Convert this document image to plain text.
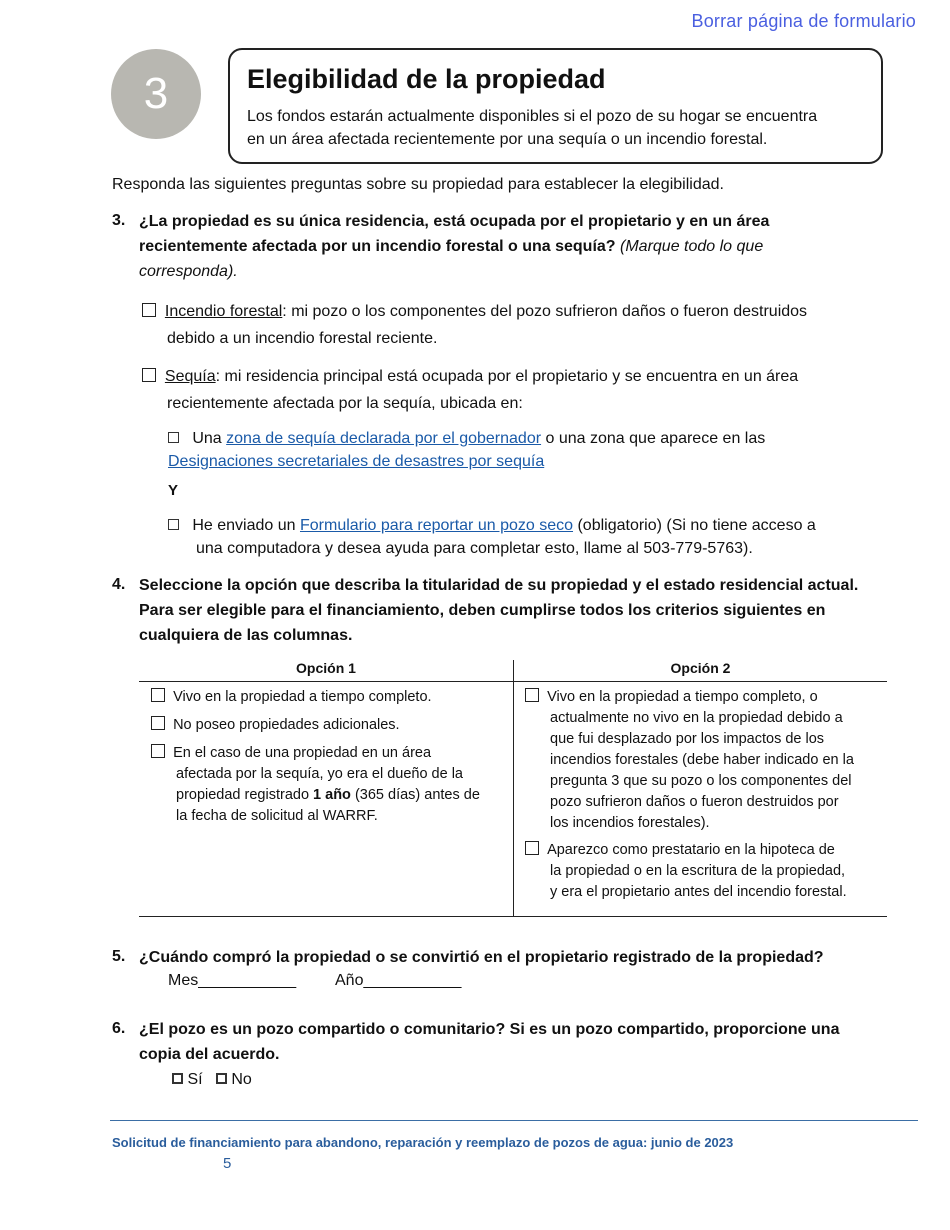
Borrar página de formulario
3	Elegibilidad de la propiedad
Los fondos estarán actualmente disponibles si el pozo de su hogar se encuentra
en un área afectada recientemente por una sequía o un incendio forestal.
Responda las siguientes preguntas sobre su propiedad para establecer la elegibilidad.
3. ¿La propiedad es su única residencia, está ocupada por el propietario y en un área
recientemente afectada por un incendio forestal o una sequía? (Marque todo lo que
corresponda).
Incendio forestal: mi pozo o los componentes del pozo sufrieron daños o fueron destruidos
debido a un incendio forestal reciente.
Sequía: mi residencia principal está ocupada por el propietario y se encuentra en un área
recientemente afectada por la sequía, ubicada en:
Una zona de sequía declarada por el gobernador o una zona que aparece en las
Designaciones secretariales de desastres por sequía
Y
He enviado un Formulario para reportar un pozo seco (obligatorio) (Si no tiene acceso a
una computadora y desea ayuda para completar esto, llame al 503-779-5763).
4. Seleccione la opción que describa la titularidad de su propiedad y el estado residencial actual.
Para ser elegible para el financiamiento, deben cumplirse todos los criterios siguientes en
cualquiera de las columnas.
Opción 1	Opción 2
Vivo en la propiedad a tiempo completo.
No poseo propiedades adicionales.
En el caso de una propiedad en un área
afectada por la sequía, yo era el dueño de la
propiedad registrado 1 año (365 días) antes de
la fecha de solicitud al WARRF.
Vivo en la propiedad a tiempo completo, o
actualmente no vivo en la propiedad debido a
que fui desplazado por los impactos de los
incendios forestales (debe haber indicado en la
pregunta 3 que su pozo o los componentes del
pozo sufrieron daños o fueron destruidos por
los incendios forestales).
Aparezco como prestatario en la hipoteca de
la propiedad o en la escritura de la propiedad,
y era el propietario antes del incendio forestal.
5. ¿Cuándo compró la propiedad o se convirtió en el propietario registrado de la propiedad?
Mes___________ Año___________
6. ¿El pozo es un pozo compartido o comunitario? Si es un pozo compartido, proporcione una
copia del acuerdo.
Sí No
Solicitud de financiamiento para abandono, reparación y reemplazo de pozos de agua: junio de 2023
5
